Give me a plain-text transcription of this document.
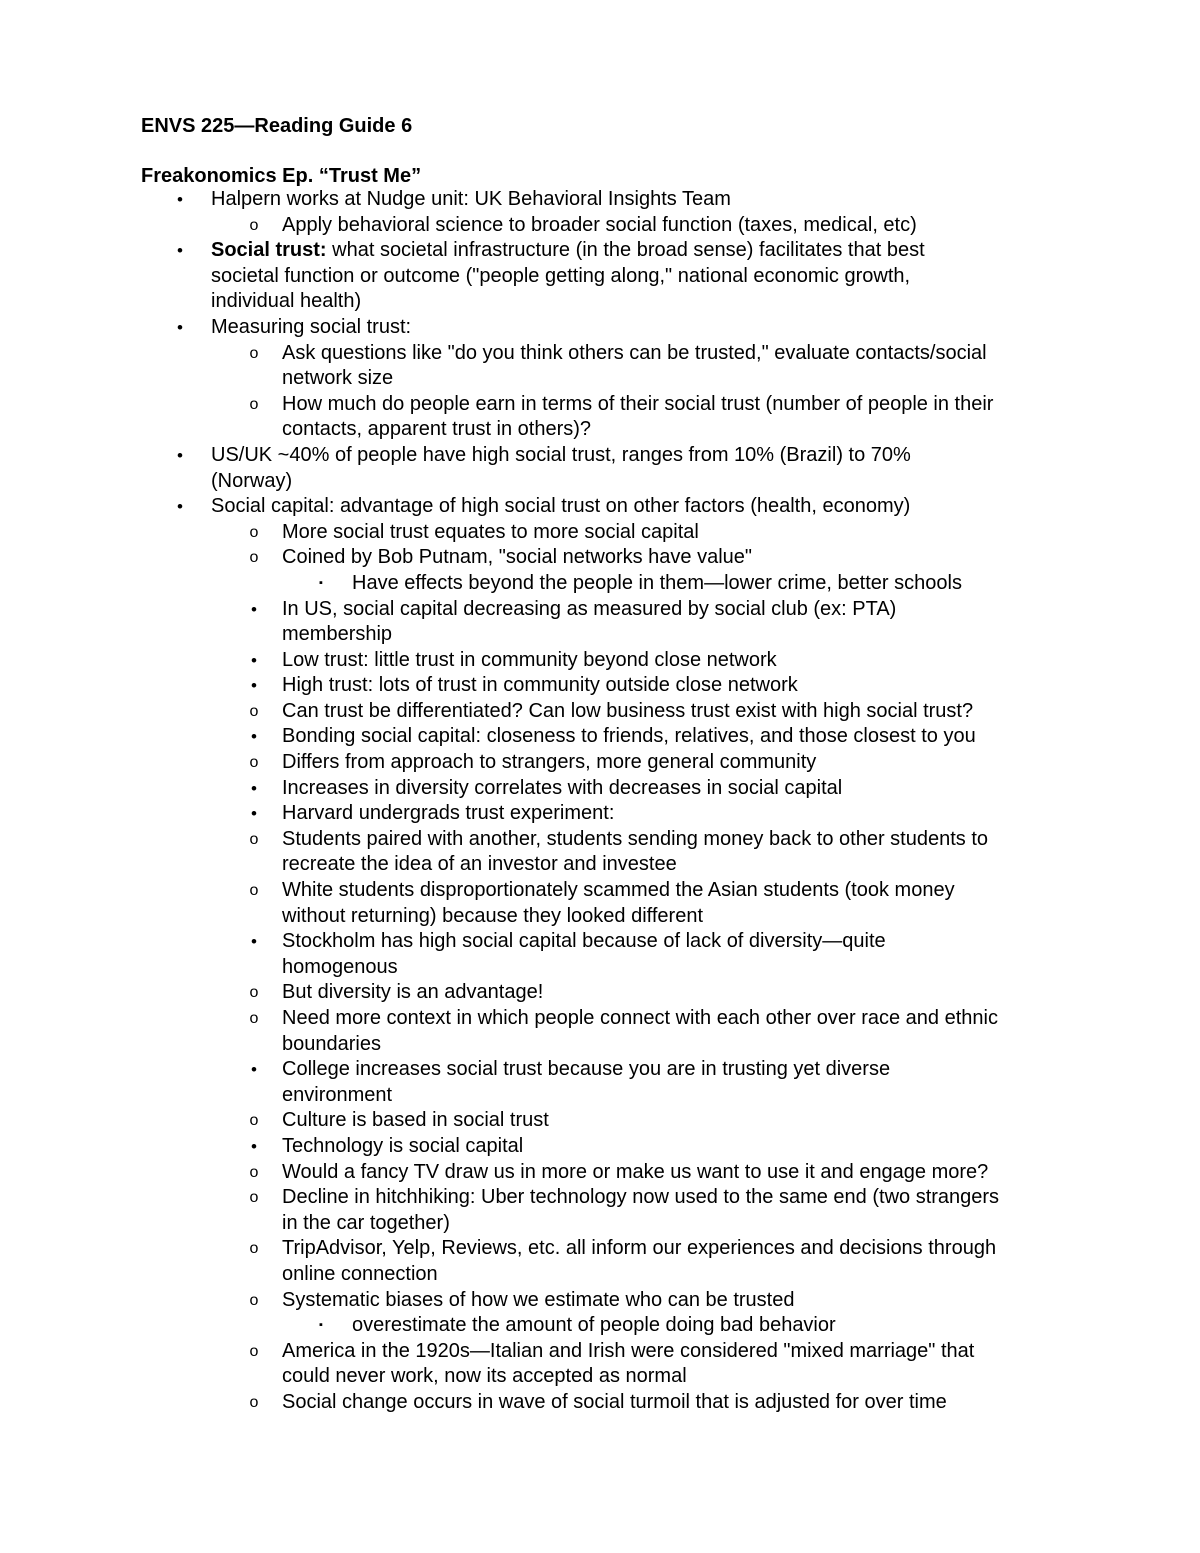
ENVS 225—Reading Guide 6
Freakonomics Ep. “Trust Me”
• Halpern works at Nudge unit: UK Behavioral Insights Team
o Apply behavioral science to broader social function (taxes, medical, etc)
• Social trust: what societal infrastructure (in the broad sense) facilitates that best
societal function or outcome ("people getting along," national economic growth,
individual health)
• Measuring social trust:
o Ask questions like "do you think others can be trusted," evaluate contacts/social
network size
o How much do people earn in terms of their social trust (number of people in their
contacts, apparent trust in others)?
• US/UK ~40% of people have high social trust, ranges from 10% (Brazil) to 70%
(Norway)
• Social capital: advantage of high social trust on other factors (health, economy)
o More social trust equates to more social capital
o Coined by Bob Putnam, "social networks have value"
▪	Have effects beyond the people in them—lower crime, better schools
• In US, social capital decreasing as measured by social club (ex: PTA)
membership
• Low trust: little trust in community beyond close network
• High trust: lots of trust in community outside close network
o Can trust be differentiated? Can low business trust exist with high social trust?
• Bonding social capital: closeness to friends, relatives, and those closest to you
o Differs from approach to strangers, more general community
• Increases in diversity correlates with decreases in social capital
• Harvard undergrads trust experiment:
o Students paired with another, students sending money back to other students to
recreate the idea of an investor and investee
o White students disproportionately scammed the Asian students (took money
without returning) because they looked different
• Stockholm has high social capital because of lack of diversity—quite
homogenous
o But diversity is an advantage!
o Need more context in which people connect with each other over race and ethnic
boundaries
• College increases social trust because you are in trusting yet diverse
environment
o Culture is based in social trust
• Technology is social capital
o Would a fancy TV draw us in more or make us want to use it and engage more?
o Decline in hitchhiking: Uber technology now used to the same end (two strangers
in the car together)
o TripAdvisor, Yelp, Reviews, etc. all inform our experiences and decisions through
online connection
o Systematic biases of how we estimate who can be trusted
▪	overestimate the amount of people doing bad behavior
o America in the 1920s—Italian and Irish were considered "mixed marriage" that
could never work, now its accepted as normal
o Social change occurs in wave of social turmoil that is adjusted for over time
